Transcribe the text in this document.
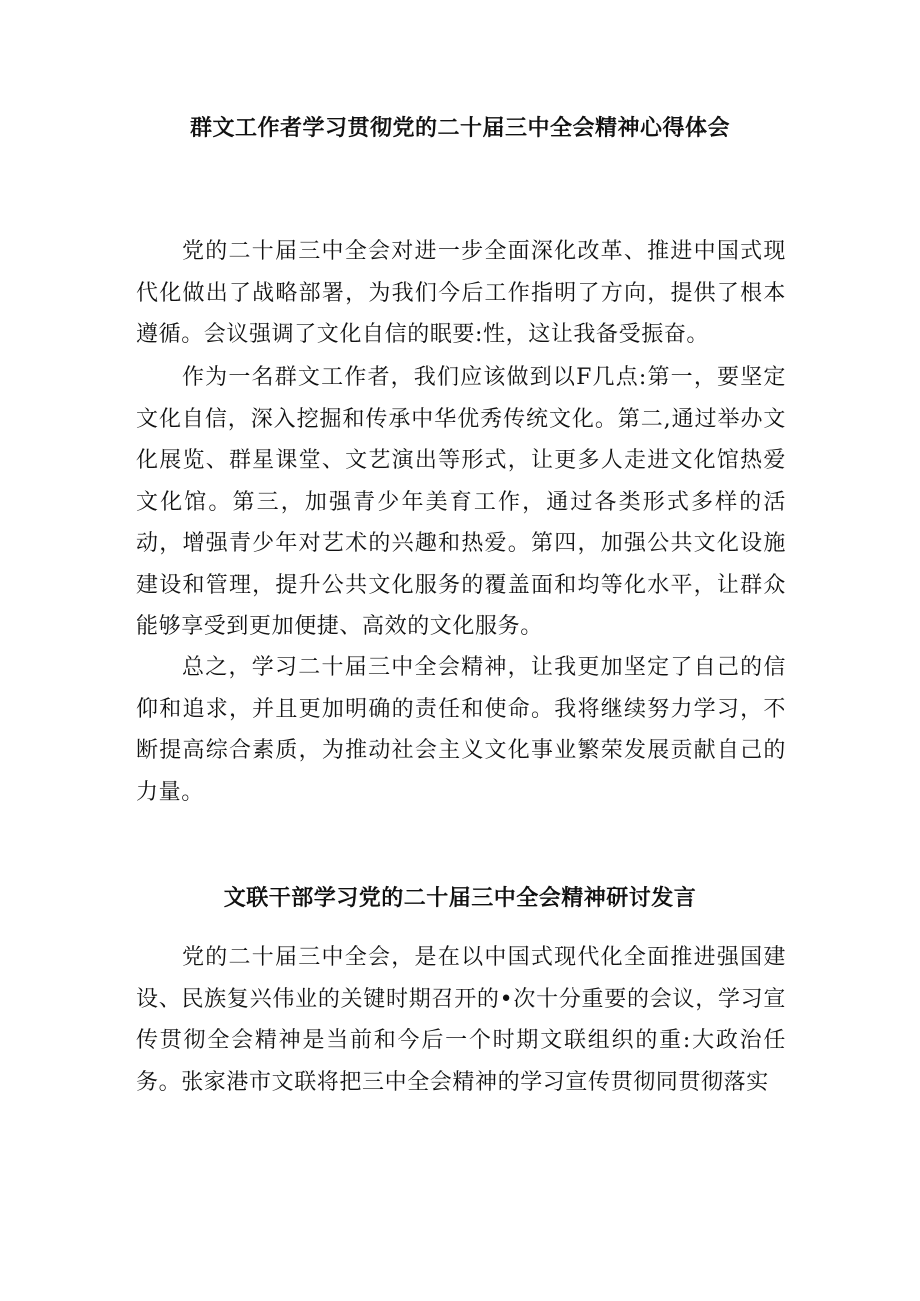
群文工作者学习贯彻党的二十届三中全会精神心得体会

党的二十届三中全会对进一步全面深化改革、推进中国式现代化做出了战略部署，为我们今后工作指明了方向，提供了根本遵循。会议强调了文化自信的眠要:性，这让我备受振奋。

作为一名群文工作者，我们应该做到以F几点:第一，要坚定文化自信，深入挖掘和传承中华优秀传统文化。第二,通过举办文化展览、群星课堂、文艺演出等形式，让更多人走进文化馆热爱文化馆。第三，加强青少年美育工作，通过各类形式多样的活动，增强青少年对艺术的兴趣和热爱。第四，加强公共文化设施建设和管理，提升公共文化服务的覆盖面和均等化水平，让群众能够享受到更加便捷、高效的文化服务。

总之，学习二十届三中全会精神，让我更加坚定了自己的信仰和追求，并且更加明确的责任和使命。我将继续努力学习，不断提高综合素质，为推动社会主义文化事业繁荣发展贡献自己的力量。

文联干部学习党的二十届三中全会精神研讨发言

党的二十届三中全会，是在以中国式现代化全面推进强国建设、民族复兴伟业的关键时期召开的•次十分重要的会议，学习宣传贯彻全会精神是当前和今后一个时期文联组织的重:大政治任务。张家港市文联将把三中全会精神的学习宣传贯彻同贯彻落实
